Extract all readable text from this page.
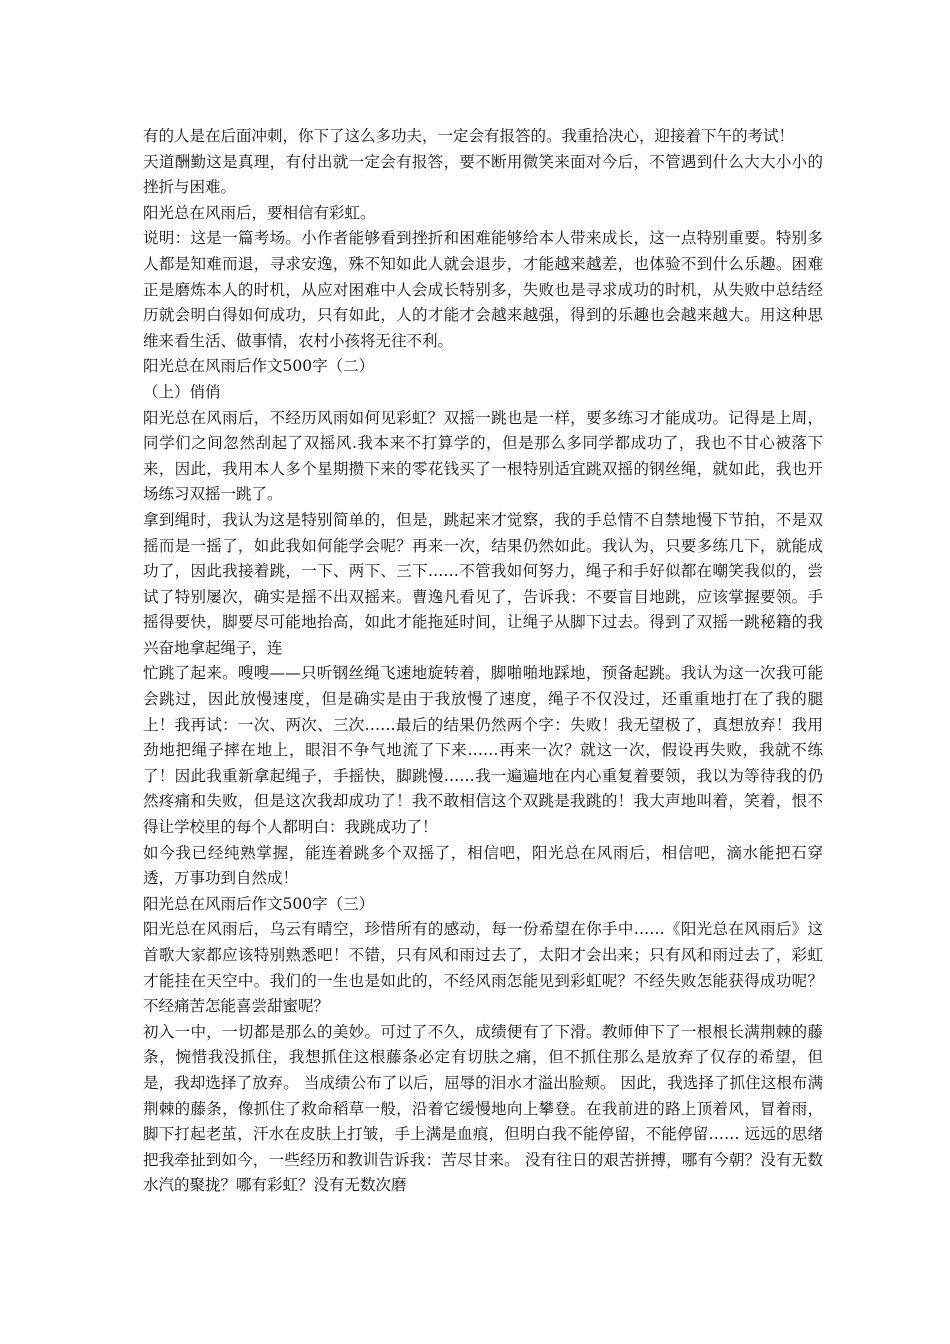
有的人是在后面冲刺，你下了这么多功夫，一定会有报答的。我重拾决心，迎接着下午的考试！

天道酬勤这是真理，有付出就一定会有报答，要不断用微笑来面对今后，不管遇到什么大大小小的挫折与困难。

阳光总在风雨后，要相信有彩虹。

说明：这是一篇考场。小作者能够看到挫折和困难能够给本人带来成长，这一点特别重要。特别多人都是知难而退，寻求安逸，殊不知如此人就会退步，才能越来越差，也体验不到什么乐趣。困难正是磨炼本人的时机，从应对困难中人会成长特别多，失败也是寻求成功的时机，从失败中总结经历就会明白得如何成功，只有如此，人的才能才会越来越强，得到的乐趣也会越来越大。用这种思维来看生活、做事情，农村小孩将无往不利。

阳光总在风雨后作文500字（二）

（上）俏俏

阳光总在风雨后，不经历风雨如何见彩虹？双摇一跳也是一样，要多练习才能成功。记得是上周，同学们之间忽然刮起了双摇风.我本来不打算学的，但是那么多同学都成功了，我也不甘心被落下来，因此，我用本人多个星期攒下来的零花钱买了一根特别适宜跳双摇的钢丝绳，就如此，我也开场练习双摇一跳了。

拿到绳时，我认为这是特别简单的，但是，跳起来才觉察，我的手总情不自禁地慢下节拍，不是双摇而是一摇了，如此我如何能学会呢？再来一次，结果仍然如此。我认为，只要多练几下，就能成功了，因此我接着跳，一下、两下、三下……不管我如何努力，绳子和手好似都在嘲笑我似的，尝试了特别屡次，确实是摇不出双摇来。曹逸凡看见了，告诉我：不要盲目地跳，应该掌握要领。手摇得要快，脚要尽可能地抬高，如此才能拖延时间，让绳子从脚下过去。得到了双摇一跳秘籍的我兴奋地拿起绳子，连

忙跳了起来。嗖嗖——只听钢丝绳飞速地旋转着，脚啪啪地踩地，预备起跳。我认为这一次我可能会跳过，因此放慢速度，但是确实是由于我放慢了速度，绳子不仅没过，还重重地打在了我的腿上！我再试：一次、两次、三次……最后的结果仍然两个字：失败！我无望极了，真想放弃！我用劲地把绳子摔在地上，眼泪不争气地流了下来……再来一次？就这一次，假设再失败，我就不练了！因此我重新拿起绳子，手摇快，脚跳慢……我一遍遍地在内心重复着要领，我以为等待我的仍然疼痛和失败，但是这次我却成功了！我不敢相信这个双跳是我跳的！我大声地叫着，笑着，恨不得让学校里的每个人都明白：我跳成功了！

如今我已经纯熟掌握，能连着跳多个双摇了，相信吧，阳光总在风雨后，相信吧，滴水能把石穿透，万事功到自然成！

阳光总在风雨后作文500字（三）

阳光总在风雨后，乌云有晴空，珍惜所有的感动，每一份希望在你手中……《阳光总在风雨后》这首歌大家都应该特别熟悉吧！不错，只有风和雨过去了，太阳才会出来；只有风和雨过去了，彩虹才能挂在天空中。我们的一生也是如此的，不经风雨怎能见到彩虹呢？不经失败怎能获得成功呢？不经痛苦怎能喜尝甜蜜呢？

初入一中，一切都是那么的美妙。可过了不久，成绩便有了下滑。教师伸下了一根根长满荆棘的藤条，惋惜我没抓住，我想抓住这根藤条必定有切肤之痛，但不抓住那么是放弃了仅存的希望，但是，我却选择了放弃。 当成绩公布了以后，屈辱的泪水才溢出脸颊。 因此，我选择了抓住这根布满荆棘的藤条，像抓住了救命稻草一般，沿着它缓慢地向上攀登。在我前进的路上顶着风，冒着雨，脚下打起老茧，汗水在皮肤上打皱，手上满是血痕，但明白我不能停留，不能停留…… 远远的思绪把我牵扯到如今，一些经历和教训告诉我：苦尽甘来。 没有往日的艰苦拼搏，哪有今朝？没有无数水汽的聚拢？哪有彩虹？没有无数次磨
